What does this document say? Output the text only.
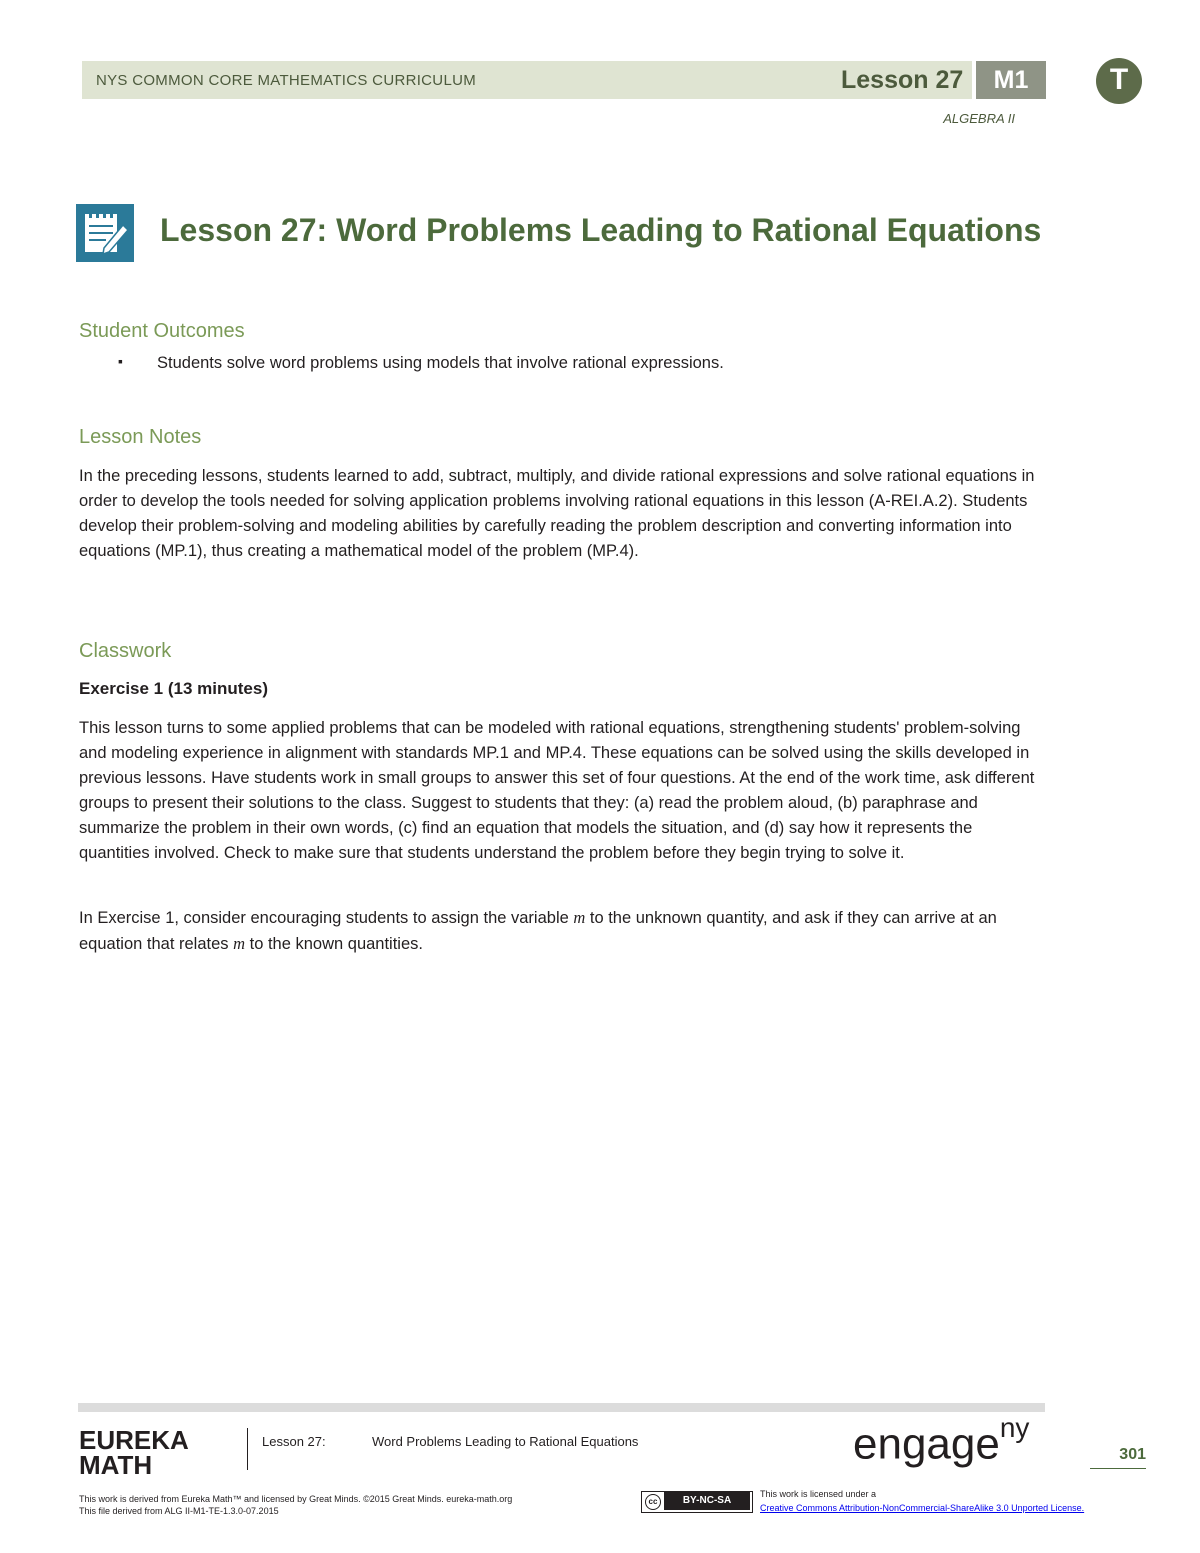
NYS COMMON CORE MATHEMATICS CURRICULUM	Lesson 27	M1	T
ALGEBRA II
Lesson 27: Word Problems Leading to Rational Equations
Student Outcomes
▪ Students solve word problems using models that involve rational expressions.
Lesson Notes
In the preceding lessons, students learned to add, subtract, multiply, and divide rational expressions and solve rational equations in order to develop the tools needed for solving application problems involving rational equations in this lesson (A-REI.A.2). Students develop their problem-solving and modeling abilities by carefully reading the problem description and converting information into equations (MP.1), thus creating a mathematical model of the problem (MP.4).
Classwork
Exercise 1 (13 minutes)
This lesson turns to some applied problems that can be modeled with rational equations, strengthening students' problem-solving and modeling experience in alignment with standards MP.1 and MP.4. These equations can be solved using the skills developed in previous lessons. Have students work in small groups to answer this set of four questions. At the end of the work time, ask different groups to present their solutions to the class. Suggest to students that they: (a) read the problem aloud, (b) paraphrase and summarize the problem in their own words, (c) find an equation that models the situation, and (d) say how it represents the quantities involved. Check to make sure that students understand the problem before they begin trying to solve it.
In Exercise 1, consider encouraging students to assign the variable m to the unknown quantity, and ask if they can arrive at an equation that relates m to the known quantities.
EUREKA
MATH
Lesson 27:	Word Problems Leading to Rational Equations	engage$^{ny}$
301
This work is derived from Eureka Math™ and licensed by Great Minds. ©2015 Great Minds. eureka-math.org
This file derived from ALG II-M1-TE-1.3.0-07.2015
cc	BY-NC-SA
This work is licensed under a
Creative Commons Attribution-NonCommercial-ShareAlike 3.0 Unported License.
